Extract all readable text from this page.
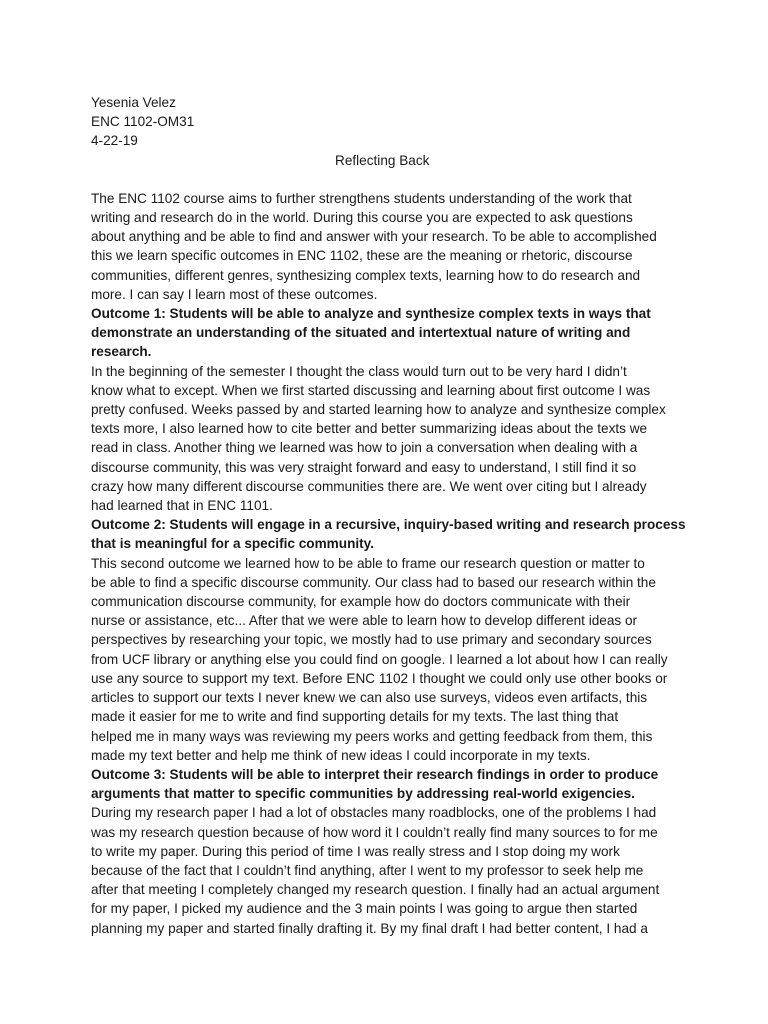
Yesenia Velez
ENC 1102-OM31
4-22-19
Reflecting Back
The ENC 1102 course aims to further strengthens students understanding of the work that
writing and research do in the world. During this course you are expected to ask questions
about anything and be able to find and answer with your research. To be able to accomplished
this we learn specific outcomes in ENC 1102, these are the meaning or rhetoric, discourse
communities, different genres, synthesizing complex texts, learning how to do research and
more. I can say I learn most of these outcomes.
Outcome 1: Students will be able to analyze and synthesize complex texts in ways that
demonstrate an understanding of the situated and intertextual nature of writing and
research.
In the beginning of the semester I thought the class would turn out to be very hard I didn’t
know what to except. When we first started discussing and learning about first outcome I was
pretty confused. Weeks passed by and started learning how to analyze and synthesize complex
texts more, I also learned how to cite better and better summarizing ideas about the texts we
read in class. Another thing we learned was how to join a conversation when dealing with a
discourse community, this was very straight forward and easy to understand, I still find it so
crazy how many different discourse communities there are. We went over citing but I already
had learned that in ENC 1101.
Outcome 2: Students will engage in a recursive, inquiry-based writing and research process
that is meaningful for a specific community.
This second outcome we learned how to be able to frame our research question or matter to
be able to find a specific discourse community. Our class had to based our research within the
communication discourse community, for example how do doctors communicate with their
nurse or assistance, etc... After that we were able to learn how to develop different ideas or
perspectives by researching your topic, we mostly had to use primary and secondary sources
from UCF library or anything else you could find on google. I learned a lot about how I can really
use any source to support my text. Before ENC 1102 I thought we could only use other books or
articles to support our texts I never knew we can also use surveys, videos even artifacts, this
made it easier for me to write and find supporting details for my texts. The last thing that
helped me in many ways was reviewing my peers works and getting feedback from them, this
made my text better and help me think of new ideas I could incorporate in my texts.
Outcome 3: Students will be able to interpret their research findings in order to produce
arguments that matter to specific communities by addressing real-world exigencies.
During my research paper I had a lot of obstacles many roadblocks, one of the problems I had
was my research question because of how word it I couldn’t really find many sources to for me
to write my paper. During this period of time I was really stress and I stop doing my work
because of the fact that I couldn’t find anything, after I went to my professor to seek help me
after that meeting I completely changed my research question. I finally had an actual argument
for my paper, I picked my audience and the 3 main points I was going to argue then started
planning my paper and started finally drafting it. By my final draft I had better content, I had a
